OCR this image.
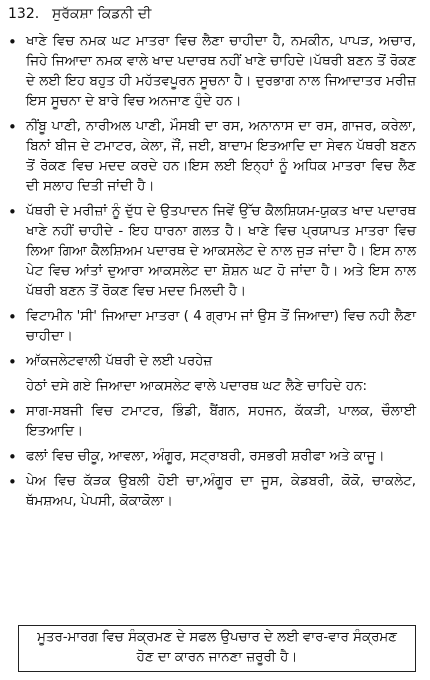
132. ਸੁਰੱਕਸ਼ਾ ਕਿਡਨੀ ਦੀ
• ਖਾਣੇ ਵਿਚ ਨਮਕ ਘਟ ਮਾਤਰਾ ਵਿਚ ਲੈਣਾ ਚਾਹੀਦਾ ਹੈ, ਨਮਕੀਨ, ਪਾਪੜ, ਅਚਾਰ, ਜਿਹੇ ਜਿਆਦਾ ਨਮਕ ਵਾਲੇ ਖਾਦ ਪਦਾਰਥ ਨਹੀਂ ਖਾਣੇ ਚਾਹਿਦੇ।ਪੱਥਰੀ ਬਣਨ ਤੋਂ ਰੋਕਣ ਦੇ ਲਈ ਇਹ ਬਹੁਤ ਹੀ ਮਹੱਤਵਪੂਰਨ ਸੂਚਨਾ ਹੈ। ਦੁਰਭਾਗ ਨਾਲ ਜਿਆਦਾਤਰ ਮਰੀਜ਼ ਇਸ ਸੂਚਨਾ ਦੇ ਬਾਰੇ ਵਿਚ ਅਨਜਾਣ ਹੁੰਦੇ ਹਨ।
• ਨੀਂਬੂ ਪਾਣੀ, ਨਾਰੀਅਲ ਪਾਣੀ, ਮੌਸਬੀ ਦਾ ਰਸ, ਅਨਾਨਾਸ ਦਾ ਰਸ, ਗਾਜਰ, ਕਰੇਲਾ, ਬਿਨਾਂ ਬੀਜ ਦੇ ਟਮਾਟਰ, ਕੇਲਾ, ਜੌਂ, ਜਈ, ਬਾਦਾਮ ਇਤਆਦਿ ਦਾ ਸੇਵਨ ਪੱਥਰੀ ਬਣਨ ਤੋਂ ਰੋਕਣ ਵਿਚ ਮਦਦ ਕਰਦੇ ਹਨ।ਇਸ ਲਈ ਇਨ੍ਹਾਂ ਨੂੰ ਅਧਿਕ ਮਾਤਰਾ ਵਿਚ ਲੈਣ ਦੀ ਸਲਾਹ ਦਿਤੀ ਜਾਂਦੀ ਹੈ।
• ਪੱਥਰੀ ਦੇ ਮਰੀਜ਼ਾਂ ਨੂੰ ਦੁੱਧ ਦੇ ਉਤਪਾਦਨ ਜਿਵੇਂ ਉੱਚ ਕੈਲਸ਼ਿਯਮ-ਯੁਕਤ ਖਾਦ ਪਦਾਰਥ ਖਾਣੇ ਨਹੀਂ ਚਾਹੀਦੇ - ਇਹ ਧਾਰਨਾ ਗਲਤ ਹੈ। ਖਾਣੇ ਵਿਚ ਪ੍ਰਯਾਪਤ ਮਾਤਰਾ ਵਿਚ ਲਿਆ ਗਿਆ ਕੈਲਸ਼ਿਅਮ ਪਦਾਰਥ ਦੇ ਆਕਸਲੇਟ ਦੇ ਨਾਲ ਜੁੜ ਜਾਂਦਾ ਹੈ। ਇਸ ਨਾਲ ਪੇਟ ਵਿਚ ਆਂਤਾਂ ਦੁਆਰਾ ਆਕਸਲੇਟ ਦਾ ਸ਼ੋਸ਼ਨ ਘਟ ਹੋ ਜਾਂਦਾ ਹੈ। ਅਤੇ ਇਸ ਨਾਲ ਪੱਥਰੀ ਬਣਨ ਤੋਂ ਰੋਕਣ ਵਿਚ ਮਦਦ ਮਿਲਦੀ ਹੈ।
• ਵਿਟਾਮੀਨ 'ਸੀ' ਜਿਆਦਾ ਮਾਤਰਾ ( 4 ਗ੍ਰਾਮ ਜਾਂ ਉਸ ਤੋਂ ਜਿਆਦਾ) ਵਿਚ ਨਹੀ ਲੈਣਾ ਚਾਹੀਦਾ।
• ਆੱਕਜਲੇਟਵਾਲੀ ਪੱਥਰੀ ਦੇ ਲਈ ਪਰਹੇਜ਼

ਹੇਠਾਂ ਦਸੇ ਗਏ ਜਿਆਦਾ ਆਕਸਲੇਟ ਵਾਲੇ ਪਦਾਰਥ ਘਟ ਲੈਣੇ ਚਾਹਿਦੇ ਹਨ:

• ਸਾਗ-ਸਬਜੀ ਵਿਚ ਟਮਾਟਰ, ਭਿੰਡੀ, ਬੈਂਗਨ, ਸਹਜਨ, ਕੱਕੜੀ, ਪਾਲਕ, ਚੌਲਾਈ ਇਤਆਦਿ।
• ਫਲਾਂ ਵਿਚ ਚੀਕੂ, ਆਵਲਾ, ਅੰਗੂਰ, ਸਟ੍ਰਾਬਰੀ, ਰਸਭਰੀ ਸ਼ਰੀਫਾ ਅਤੇ ਕਾਜੂ।
• ਪੇਅ ਵਿਚ ਕੱੜਕ ਉਬਲੀ ਹੋਈ ਚਾ,ਅੰਗੂਰ ਦਾ ਜੂਸ, ਕੇਡਬਰੀ, ਕੋਕੋ, ਚਾਕਲੇਟ, ਥੱਮਸ਼ਅਪ, ਪੇਪਸੀ, ਕੋਕਾਕੋਲਾ।
ਮੂਤਰ-ਮਾਰਗ ਵਿਚ ਸੰਕ੍ਰਮਣ ਦੇ ਸਫਲ ਉਪਚਾਰ ਦੇ ਲਈ ਵਾਰ-ਵਾਰ ਸੰਕ੍ਰਮਣ ਹੋਣ ਦਾ ਕਾਰਨ ਜਾਨਣਾ ਜ਼ਰੂਰੀ ਹੈ।
